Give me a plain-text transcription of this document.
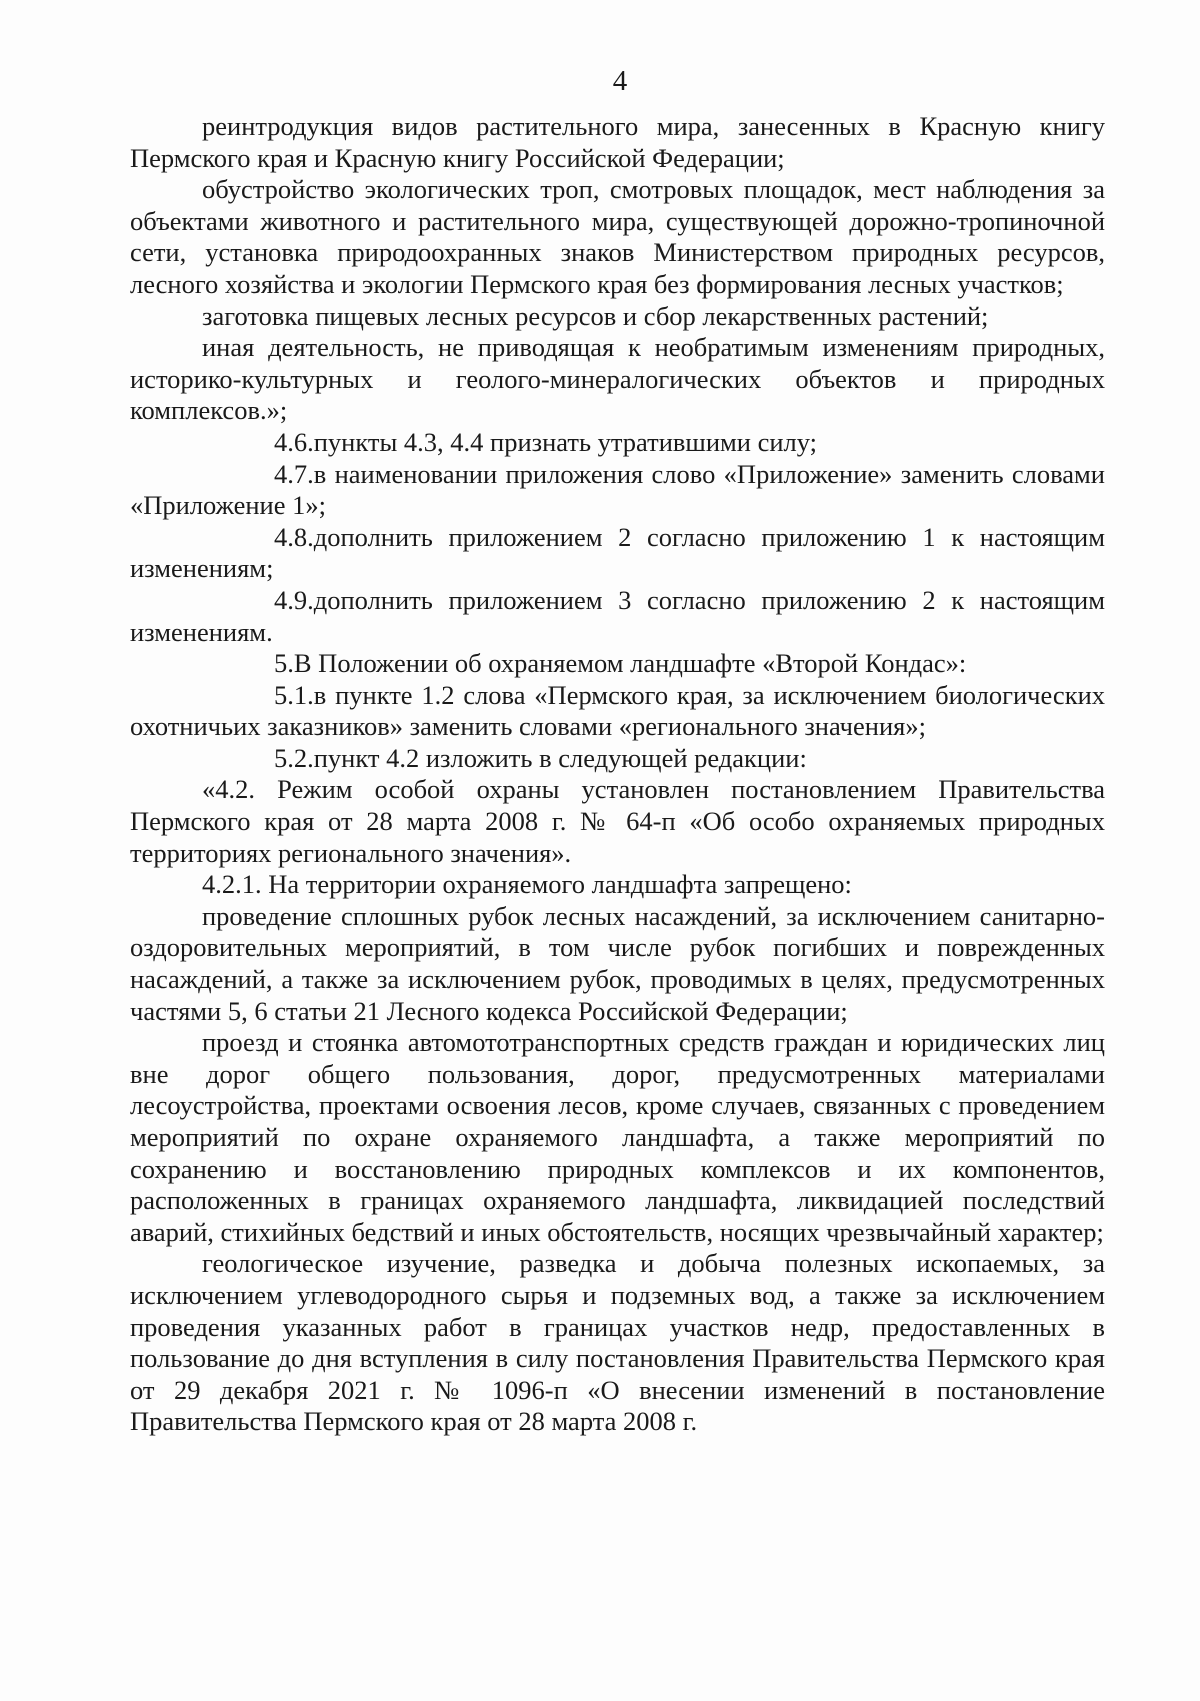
4

реинтродукция видов растительного мира, занесенных в Красную книгу Пермского края и Красную книгу Российской Федерации;

обустройство экологических троп, смотровых площадок, мест наблюдения за объектами животного и растительного мира, существующей дорожно-тропиночной сети, установка природоохранных знаков Министерством природных ресурсов, лесного хозяйства и экологии Пермского края без формирования лесных участков;

заготовка пищевых лесных ресурсов и сбор лекарственных растений;

иная деятельность, не приводящая к необратимым изменениям природных, историко-культурных и геолого-минералогических объектов и природных комплексов.»;

4.6.пункты 4.3, 4.4 признать утратившими силу;

4.7.в наименовании приложения слово «Приложение» заменить словами «Приложение 1»;

4.8.дополнить приложением 2 согласно приложению 1 к настоящим изменениям;

4.9.дополнить приложением 3 согласно приложению 2 к настоящим изменениям.

5.В Положении об охраняемом ландшафте «Второй Кондас»:

5.1.в пункте 1.2 слова «Пермского края, за исключением биологических охотничьих заказников» заменить словами «регионального значения»;

5.2.пункт 4.2 изложить в следующей редакции:

«4.2. Режим особой охраны установлен постановлением Правительства Пермского края от 28 марта 2008 г. № 64-п «Об особо охраняемых природных территориях регионального значения».

4.2.1. На территории охраняемого ландшафта запрещено:

проведение сплошных рубок лесных насаждений, за исключением санитарно-оздоровительных мероприятий, в том числе рубок погибших и поврежденных насаждений, а также за исключением рубок, проводимых в целях, предусмотренных частями 5, 6 статьи 21 Лесного кодекса Российской Федерации;

проезд и стоянка автомототранспортных средств граждан и юридических лиц вне дорог общего пользования, дорог, предусмотренных материалами лесоустройства, проектами освоения лесов, кроме случаев, связанных с проведением мероприятий по охране охраняемого ландшафта, а также мероприятий по сохранению и восстановлению природных комплексов и их компонентов, расположенных в границах охраняемого ландшафта, ликвидацией последствий аварий, стихийных бедствий и иных обстоятельств, носящих чрезвычайный характер;

геологическое изучение, разведка и добыча полезных ископаемых, за исключением углеводородного сырья и подземных вод, а также за исключением проведения указанных работ в границах участков недр, предоставленных в пользование до дня вступления в силу постановления Правительства Пермского края от 29 декабря 2021 г. № 1096-п «О внесении изменений в постановление Правительства Пермского края от 28 марта 2008 г.
